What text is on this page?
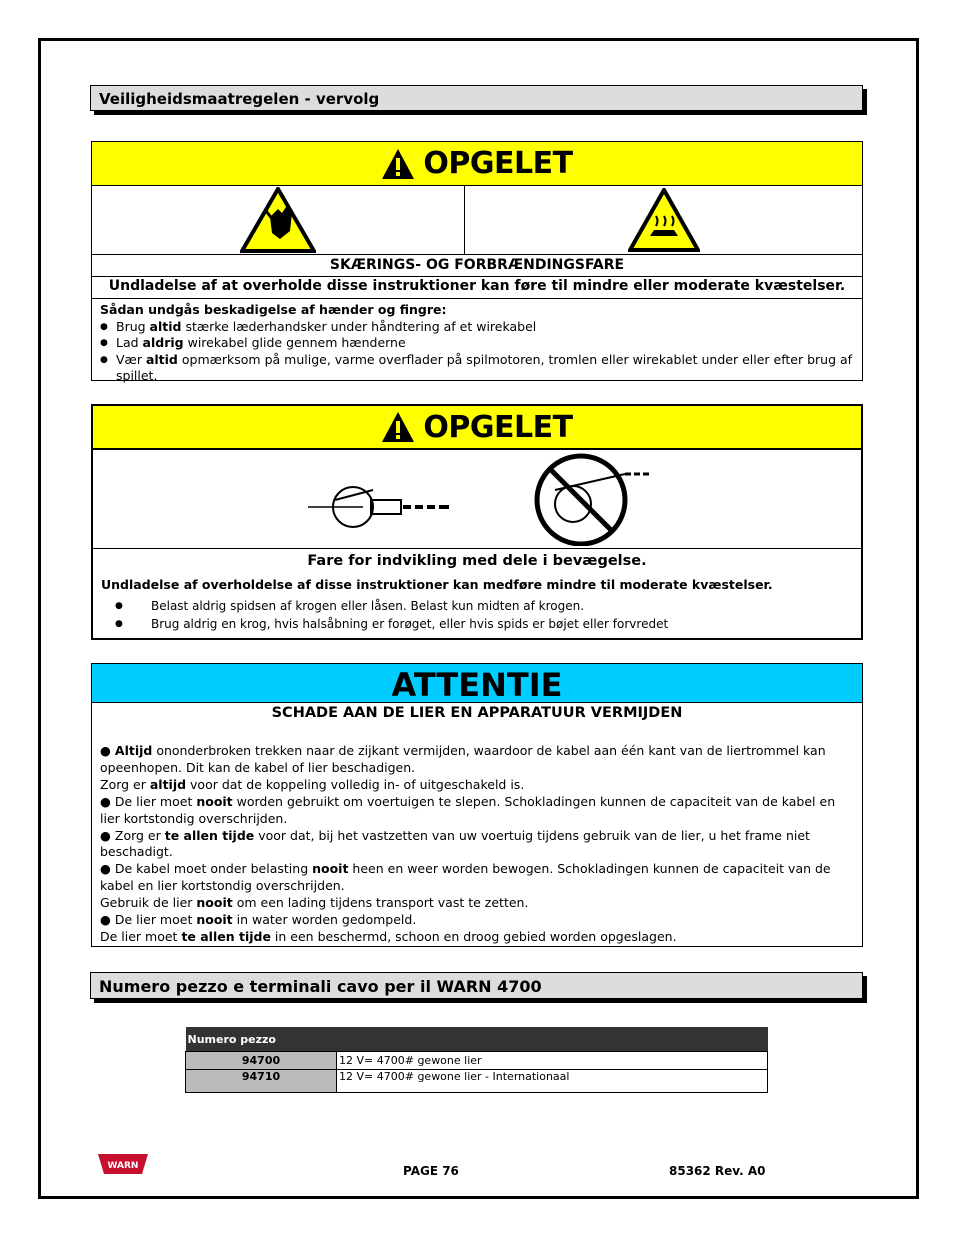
Veiligheidsmaatregelen - vervolg
OPGELET
SKÆRINGS- OG FORBRÆNDINGSFARE
Undladelse af at overholde disse instruktioner kan føre til mindre eller moderate kvæstelser.
Sådan undgås beskadigelse af hænder og fingre:
● Brug altid stærke læderhandsker under håndtering af et wirekabel
● Lad aldrig wirekabel glide gennem hænderne
● Vær altid opmærksom på mulige, varme overflader på spilmotoren, tromlen eller wirekablet under eller efter brug af spillet.
OPGELET
Fare for indvikling med dele i bevægelse.
Undladelse af overholdelse af disse instruktioner kan medføre mindre til moderate kvæstelser.
● Belast aldrig spidsen af krogen eller låsen. Belast kun midten af krogen.
● Brug aldrig en krog, hvis halsåbning er forøget, eller hvis spids er bøjet eller forvredet
ATTENTIE
SCHADE AAN DE LIER EN APPARATUUR VERMIJDEN
● Altijd ononderbroken trekken naar de zijkant vermijden, waardoor de kabel aan één kant van de liertrommel kan opeenhopen. Dit kan de kabel of lier beschadigen.
Zorg er altijd voor dat de koppeling volledig in- of uitgeschakeld is.
● De lier moet nooit worden gebruikt om voertuigen te slepen. Schokladingen kunnen de capaciteit van de kabel en lier kortstondig overschrijden.
● Zorg er te allen tijde voor dat, bij het vastzetten van uw voertuig tijdens gebruik van de lier, u het frame niet beschadigt.
● De kabel moet onder belasting nooit heen en weer worden bewogen. Schokladingen kunnen de capaciteit van de kabel en lier kortstondig overschrijden.
Gebruik de lier nooit om een lading tijdens transport vast te zetten.
● De lier moet nooit in water worden gedompeld.
De lier moet te allen tijde in een beschermd, schoon en droog gebied worden opgeslagen.
Numero pezzo e terminali cavo per il WARN 4700
Numero pezzo	
94700	12 V= 4700# gewone lier
94710	12 V= 4700# gewone lier - Internationaal
WARN	PAGE 76	85362 Rev. A0
